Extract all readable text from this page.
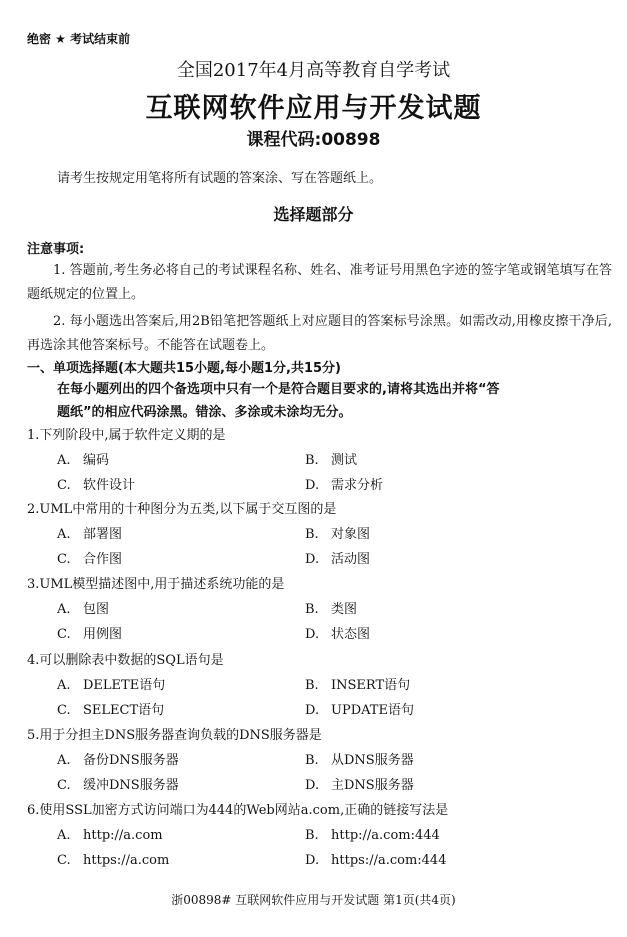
绝密 ★ 考试结束前
全国2017年4月高等教育自学考试
互联网软件应用与开发试题
课程代码:00898
请考生按规定用笔将所有试题的答案涂、写在答题纸上。
选择题部分
注意事项:
1. 答题前,考生务必将自己的考试课程名称、姓名、准考证号用黑色字迹的签字笔或钢笔填写在答题纸规定的位置上。
2. 每小题选出答案后,用2B铅笔把答题纸上对应题目的答案标号涂黑。如需改动,用橡皮擦干净后,再选涂其他答案标号。不能答在试题卷上。
一、单项选择题(本大题共15小题,每小题1分,共15分)
在每小题列出的四个备选项中只有一个是符合题目要求的,请将其选出并将“答
题纸”的相应代码涂黑。错涂、多涂或未涂均无分。
1.下列阶段中,属于软件定义期的是
A. 编码	B. 测试
C. 软件设计	D. 需求分析
2.UML中常用的十种图分为五类,以下属于交互图的是
A. 部署图	B. 对象图
C. 合作图	D. 活动图
3.UML模型描述图中,用于描述系统功能的是
A. 包图	B. 类图
C. 用例图	D. 状态图
4.可以删除表中数据的SQL语句是
A. DELETE语句	B. INSERT语句
C. SELECT语句	D. UPDATE语句
5.用于分担主DNS服务器查询负载的DNS服务器是
A. 备份DNS服务器	B. 从DNS服务器
C. 缓冲DNS服务器	D. 主DNS服务器
6.使用SSL加密方式访问端口为444的Web网站a.com,正确的链接写法是
A. http://a.com	B. http://a.com:444
C. https://a.com	D. https://a.com:444
浙00898# 互联网软件应用与开发试题 第1页(共4页)
